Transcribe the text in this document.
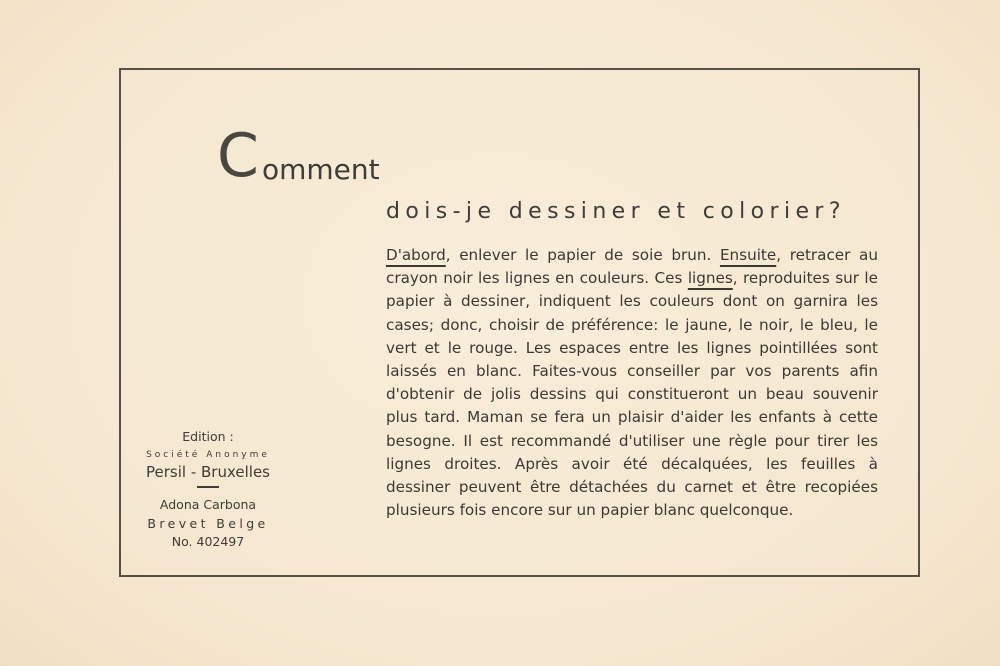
C omment
dois-je dessiner et colorier?
D'abord, enlever le papier de soie brun. Ensuite, retracer au crayon noir les lignes en couleurs. Ces lignes, reproduites sur le papier à dessiner, indiquent les couleurs dont on garnira les cases; donc, choisir de préférence: le jaune, le noir, le bleu, le vert et le rouge. Les espaces entre les lignes pointillées sont laissés en blanc. Faites-vous conseiller par vos parents afin d'obtenir de jolis dessins qui constitueront un beau souvenir plus tard. Maman se fera un plaisir d'aider les enfants à cette besogne. Il est recommandé d'utiliser une règle pour tirer les lignes droites. Après avoir été décalquées, les feuilles à dessiner peuvent être détachées du carnet et être recopiées plusieurs fois encore sur un papier blanc quelconque.
Edition :
Société Anonyme
Persil - Bruxelles
Adona Carbona
Brevet Belge
No. 402497
